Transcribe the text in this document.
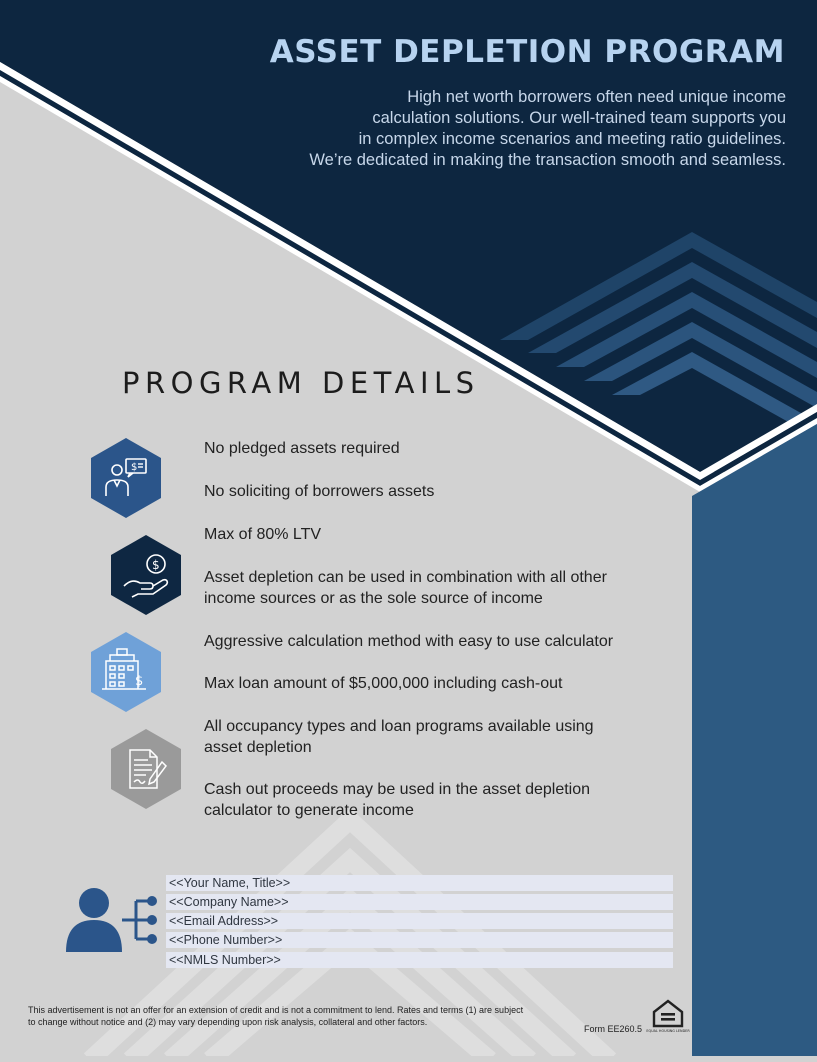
ASSET DEPLETION PROGRAM
High net worth borrowers often need unique income
calculation solutions. Our well-trained team supports you
in complex income scenarios and meeting ratio guidelines.
We’re dedicated in making the transaction smooth and seamless.
PROGRAM DETAILS
$
$
$
No pledged assets required
No soliciting of borrowers assets
Max of 80% LTV
Asset depletion can be used in combination with all other
income sources or as the sole source of income
Aggressive calculation method with easy to use calculator
Max loan amount of $5,000,000 including cash-out
All occupancy types and loan programs available using
asset depletion
Cash out proceeds may be used in the asset depletion
calculator to generate income
<<Your Name, Title>>
<<Company Name>>
<<Email Address>>
<<Phone Number>>
<<NMLS Number>>
This advertisement is not an offer for an extension of credit and is not a commitment to lend. Rates and terms (1) are subject
to change without notice and (2) may vary depending upon risk analysis, collateral and other factors.
Form EE260.5 EQUAL HOUSING LENDER
